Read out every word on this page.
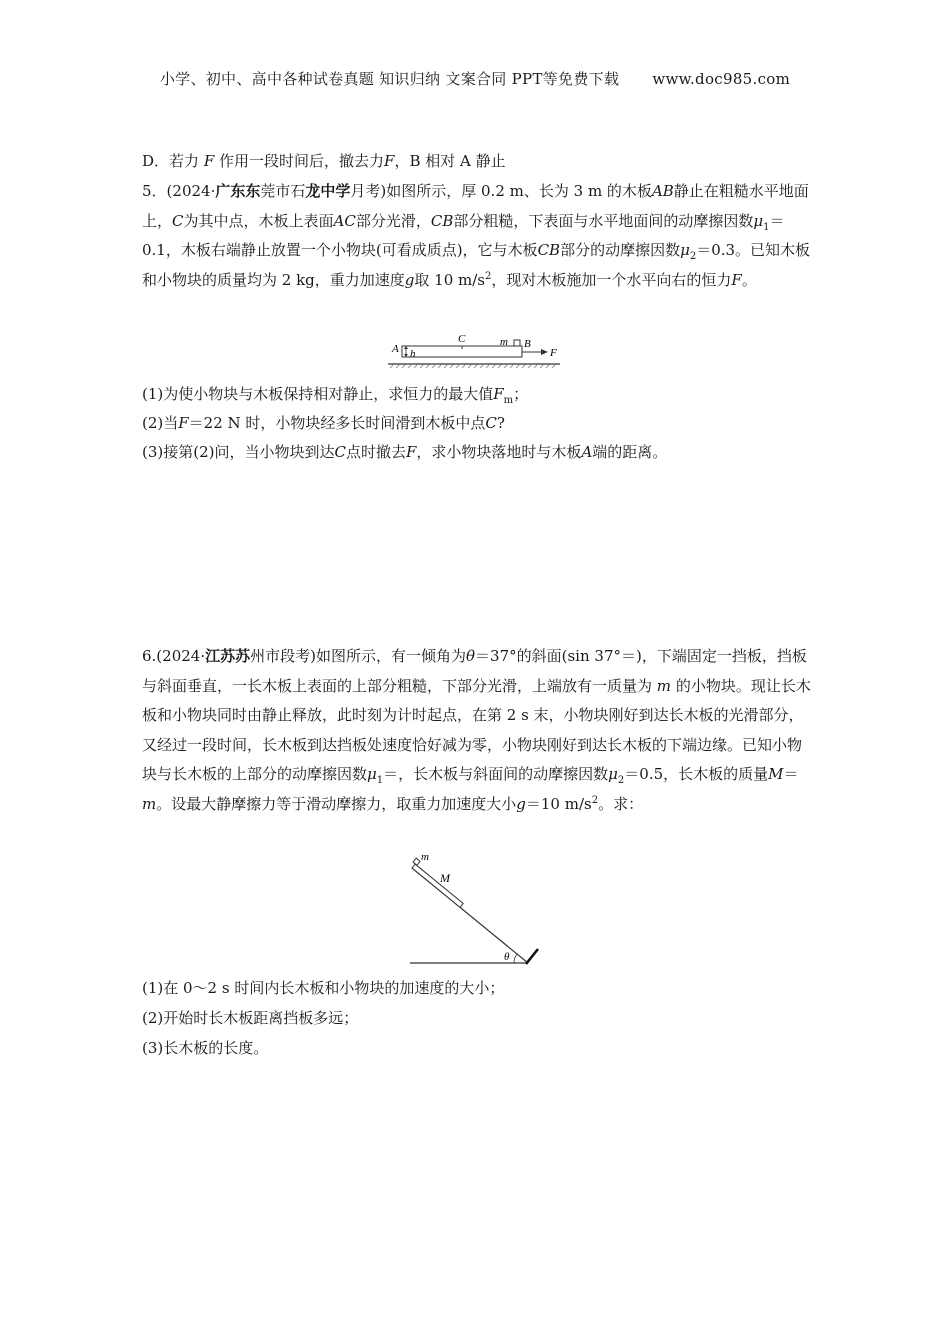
小学、初中、高中各种试卷真题 知识归纳 文案合同 PPT等免费下载 www.doc985.com
D．若力 F 作用一段时间后，撤去力F，B 相对 A 静止
5．(2024·广东东莞市石龙中学月考)如图所示，厚 0.2 m、长为 3 m 的木板AB静止在粗糙水平地面上，C为其中点，木板上表面AC部分光滑，CB部分粗糙，下表面与水平地面间的动摩擦因数$\mu_1=0.1$，木板右端静止放置一个小物块(可看成质点)，它与木板CB部分的动摩擦因数$\mu_2=0.3$。已知木板和小物块的质量均为 2 kg，重力加速度g取 10 $m/s^2$，现对木板施加一个水平向右的恒力F。
A h
C	m B
F
(1)为使小物块与木板保持相对静止，求恒力的最大值$F_m$；
(2)当F＝22 N 时，小物块经多长时间滑到木板中点C?
(3)接第(2)问，当小物块到达C点时撤去F，求小物块落地时与木板A端的距离。
6.(2024·江苏苏州市段考)如图所示，有一倾角为θ＝37°的斜面(sin 37°＝)，下端固定一挡板，挡板与斜面垂直，一长木板上表面的上部分粗糙，下部分光滑，上端放有一质量为 m 的小物块。现让长木板和小物块同时由静止释放，此时刻为计时起点，在第 2 s 末，小物块刚好到达长木板的光滑部分，又经过一段时间，长木板到达挡板处速度恰好减为零，小物块刚好到达长木板的下端边缘。已知小物块与长木板的上部分的动摩擦因数$\mu_1=$，长木板与斜面间的动摩擦因数$\mu_2=0.5$，长木板的质量M＝m。设最大静摩擦力等于滑动摩擦力，取重力加速度大小g＝10 $m/s^2$。求：
m
M
θ
(1)在 0～2 s 时间内长木板和小物块的加速度的大小；
(2)开始时长木板距离挡板多远；
(3)长木板的长度。
